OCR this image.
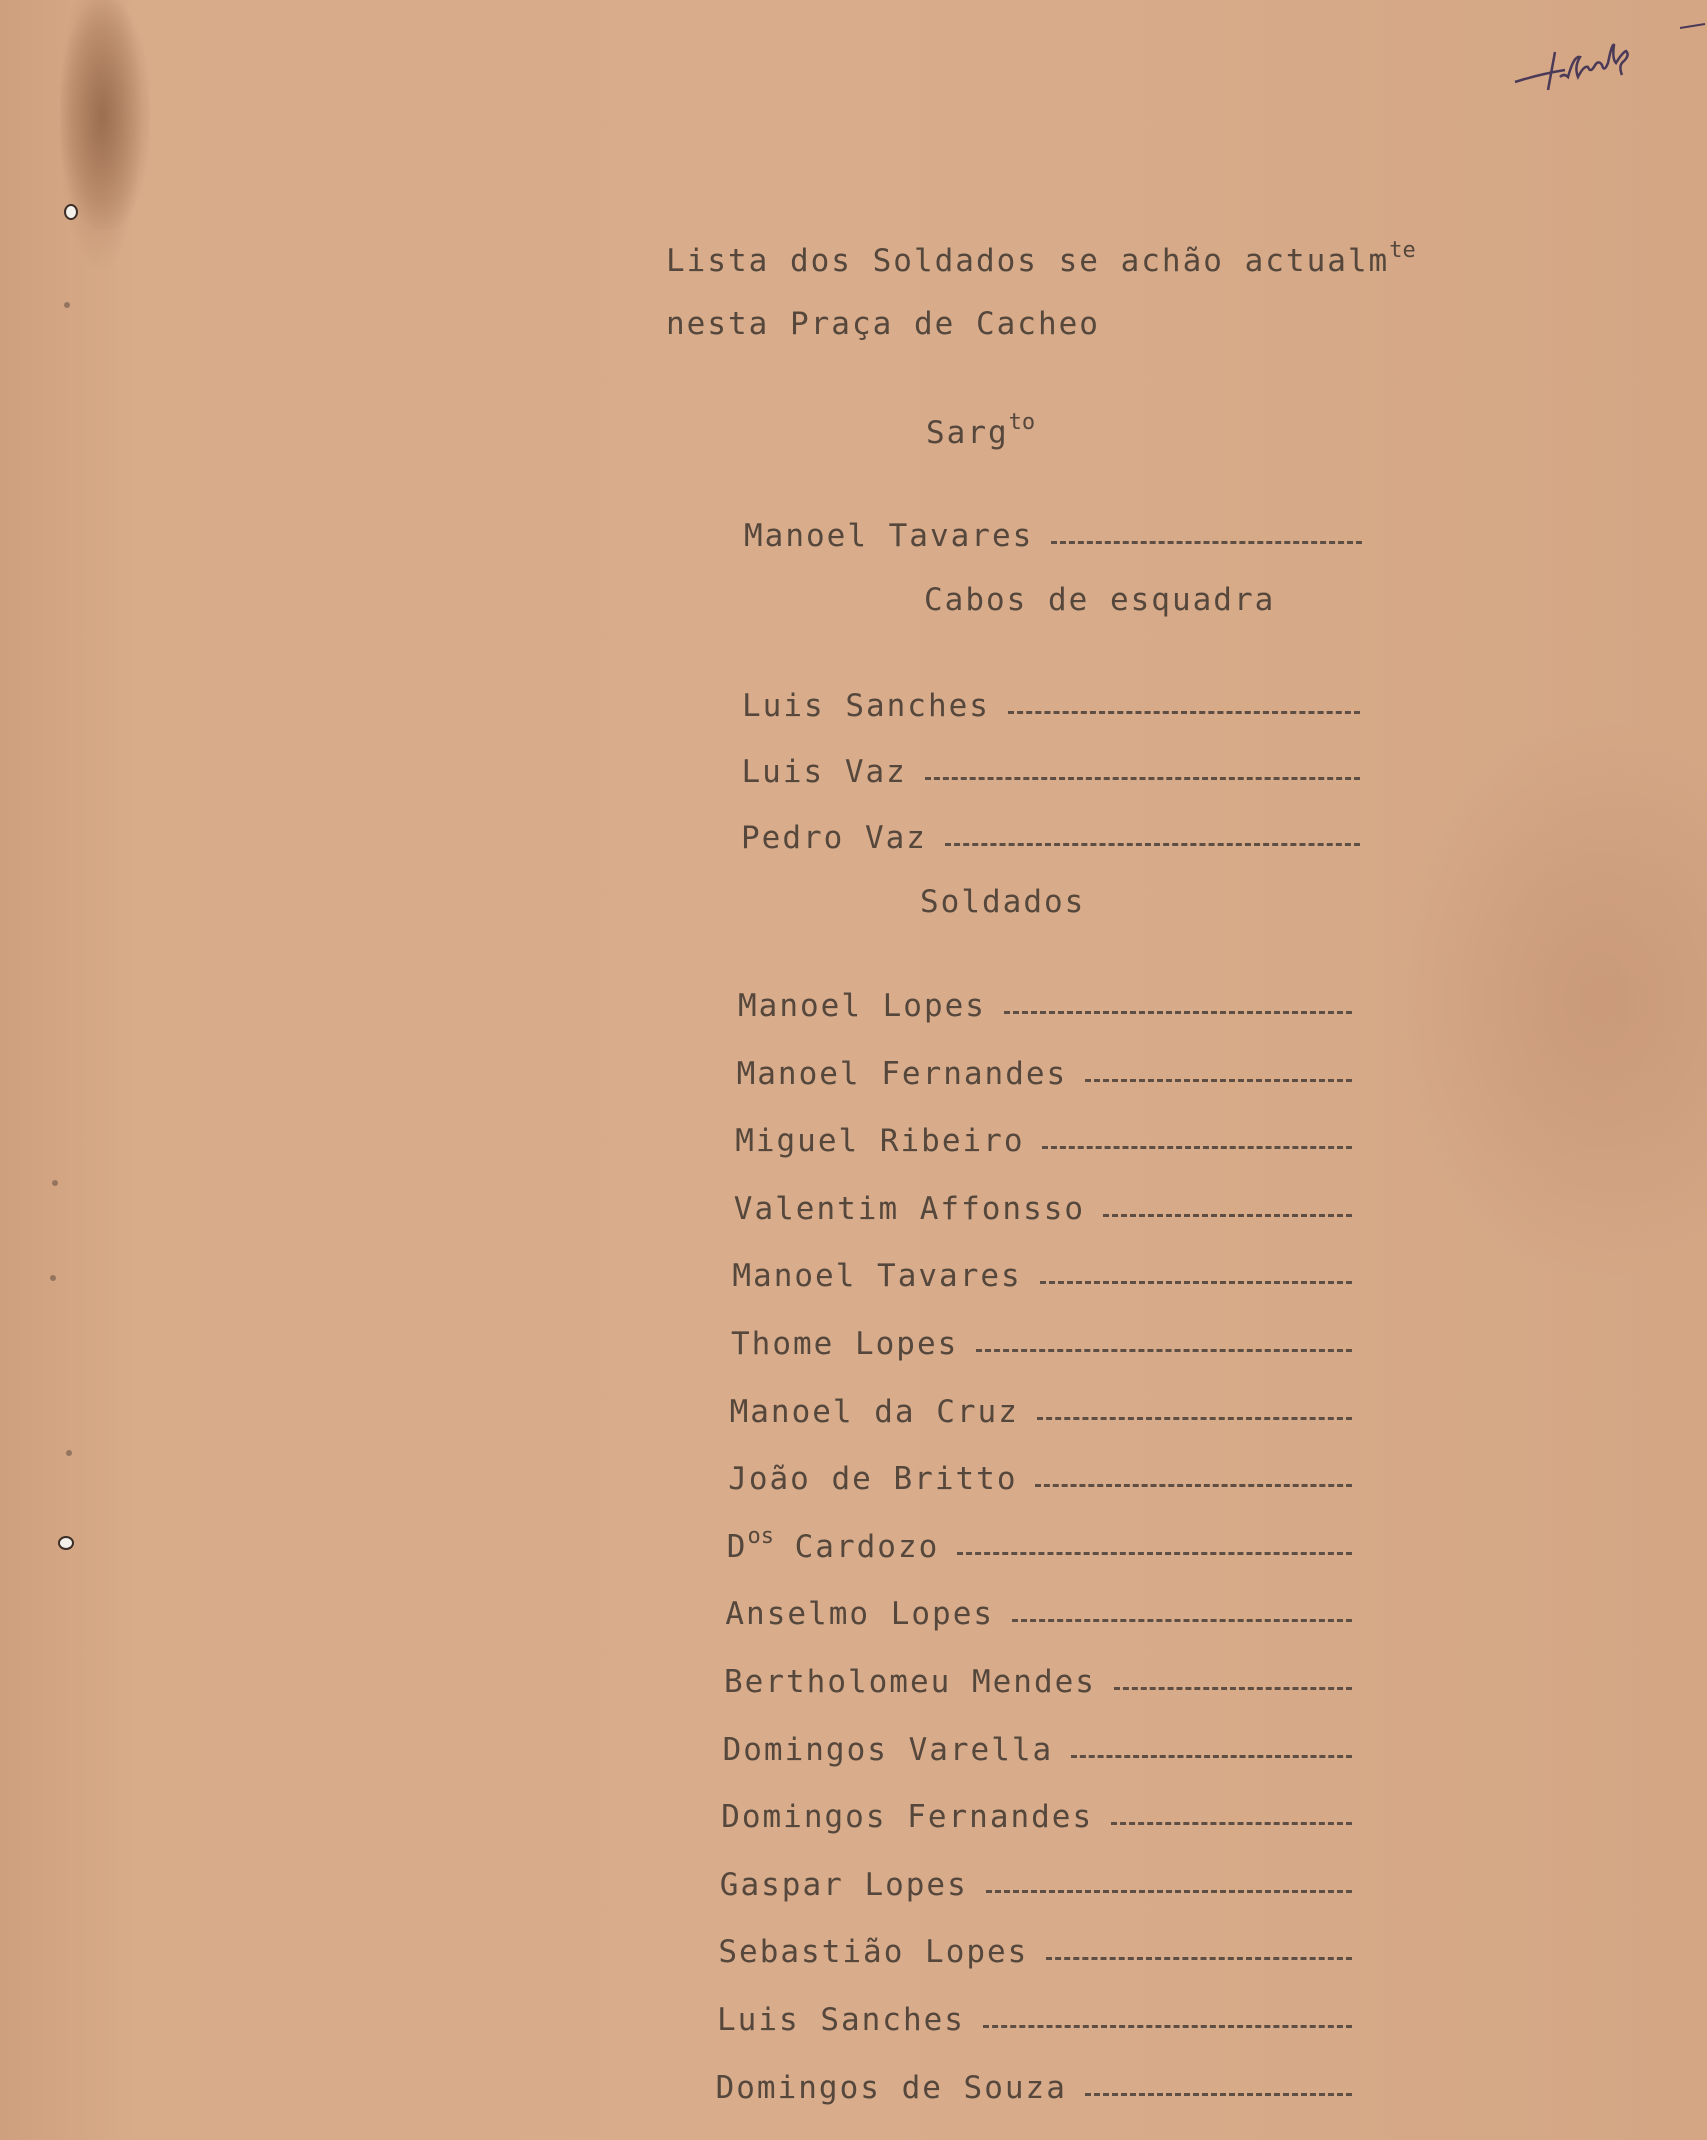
Lista dos Soldados se achão actualm$^{te}$
nesta Praça de Cacheo
Sarg$^{to}$
Manoel Tavares
Cabos de esquadra
Luis Sanches
Luis Vaz
Pedro Vaz
Soldados
Manoel Lopes
Manoel Fernandes
Miguel Ribeiro
Valentim Affonsso
Manoel Tavares
Thome Lopes
Manoel da Cruz
João de Britto
$D^{os}$ Cardozo
Anselmo Lopes
Bertholomeu Mendes
Domingos Varella
Domingos Fernandes
Gaspar Lopes
Sebastião Lopes
Luis Sanches
Domingos de Souza
